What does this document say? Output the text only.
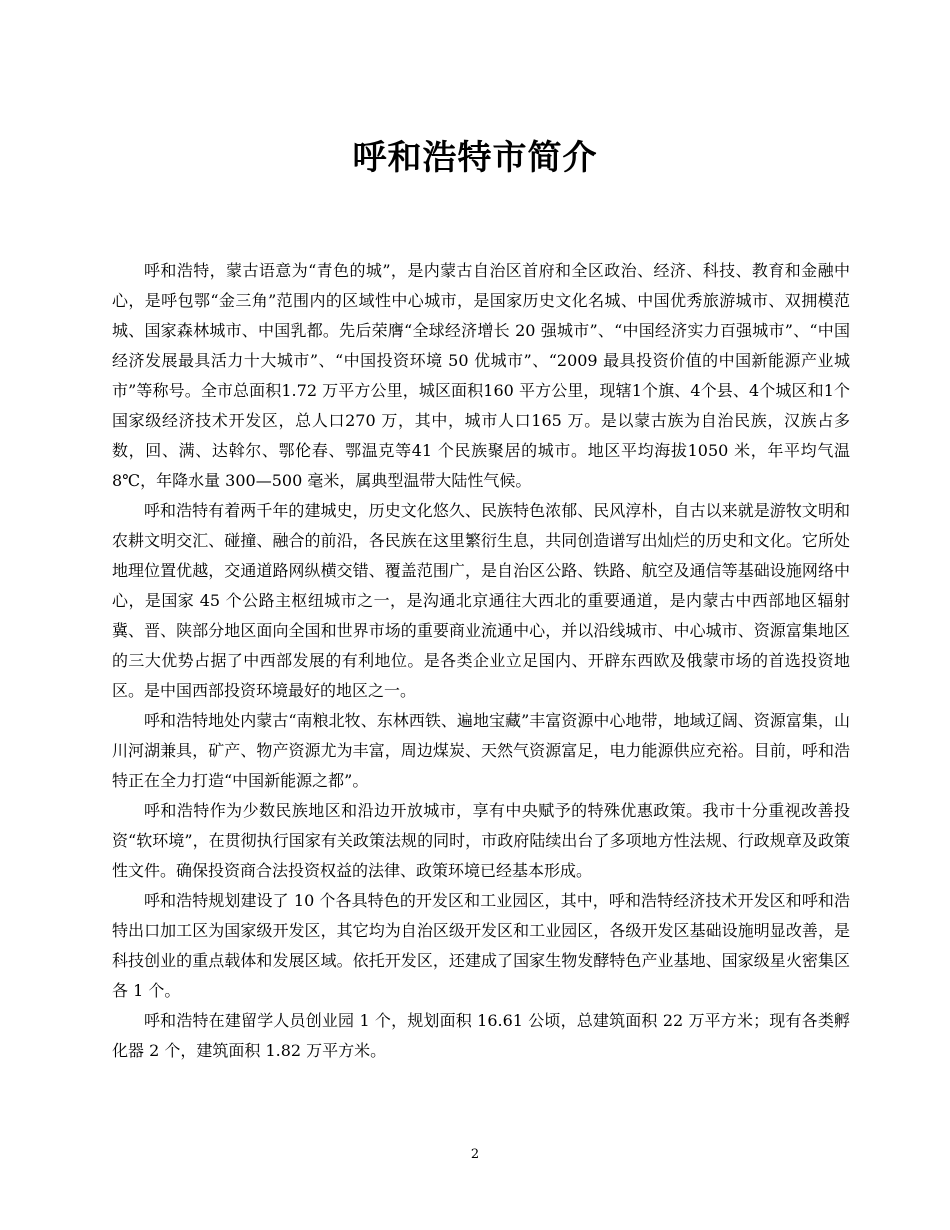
呼和浩特市简介

呼和浩特，蒙古语意为“青色的城”，是内蒙古自治区首府和全区政治、经济、科技、教育和金融中心，是呼包鄂“金三角”范围内的区域性中心城市，是国家历史文化名城、中国优秀旅游城市、双拥模范城、国家森林城市、中国乳都。先后荣膺“全球经济增长 20 强城市”、“中国经济实力百强城市”、“中国经济发展最具活力十大城市”、“中国投资环境 50 优城市”、“2009 最具投资价值的中国新能源产业城市”等称号。全市总面积1.72 万平方公里，城区面积160 平方公里，现辖1个旗、4个县、4个城区和1个国家级经济技术开发区，总人口270 万，其中，城市人口165 万。是以蒙古族为自治民族，汉族占多数，回、满、达斡尔、鄂伦春、鄂温克等41 个民族聚居的城市。地区平均海拔1050 米，年平均气温 8℃，年降水量 300—500 毫米，属典型温带大陆性气候。

呼和浩特有着两千年的建城史，历史文化悠久、民族特色浓郁、民风淳朴，自古以来就是游牧文明和农耕文明交汇、碰撞、融合的前沿，各民族在这里繁衍生息，共同创造谱写出灿烂的历史和文化。它所处地理位置优越，交通道路网纵横交错、覆盖范围广，是自治区公路、铁路、航空及通信等基础设施网络中心，是国家 45 个公路主枢纽城市之一，是沟通北京通往大西北的重要通道，是内蒙古中西部地区辐射冀、晋、陕部分地区面向全国和世界市场的重要商业流通中心，并以沿线城市、中心城市、资源富集地区的三大优势占据了中西部发展的有利地位。是各类企业立足国内、开辟东西欧及俄蒙市场的首选投资地区。是中国西部投资环境最好的地区之一。

呼和浩特地处内蒙古“南粮北牧、东林西铁、遍地宝藏”丰富资源中心地带，地域辽阔、资源富集，山川河湖兼具，矿产、物产资源尤为丰富，周边煤炭、天然气资源富足，电力能源供应充裕。目前，呼和浩特正在全力打造“中国新能源之都”。

呼和浩特作为少数民族地区和沿边开放城市，享有中央赋予的特殊优惠政策。我市十分重视改善投资“软环境”，在贯彻执行国家有关政策法规的同时，市政府陆续出台了多项地方性法规、行政规章及政策性文件。确保投资商合法投资权益的法律、政策环境已经基本形成。

呼和浩特规划建设了 10 个各具特色的开发区和工业园区，其中，呼和浩特经济技术开发区和呼和浩特出口加工区为国家级开发区，其它均为自治区级开发区和工业园区，各级开发区基础设施明显改善，是科技创业的重点载体和发展区域。依托开发区，还建成了国家生物发酵特色产业基地、国家级星火密集区各 1 个。

呼和浩特在建留学人员创业园 1 个，规划面积 16.61 公顷，总建筑面积 22 万平方米；现有各类孵化器 2 个，建筑面积 1.82 万平方米。

2
